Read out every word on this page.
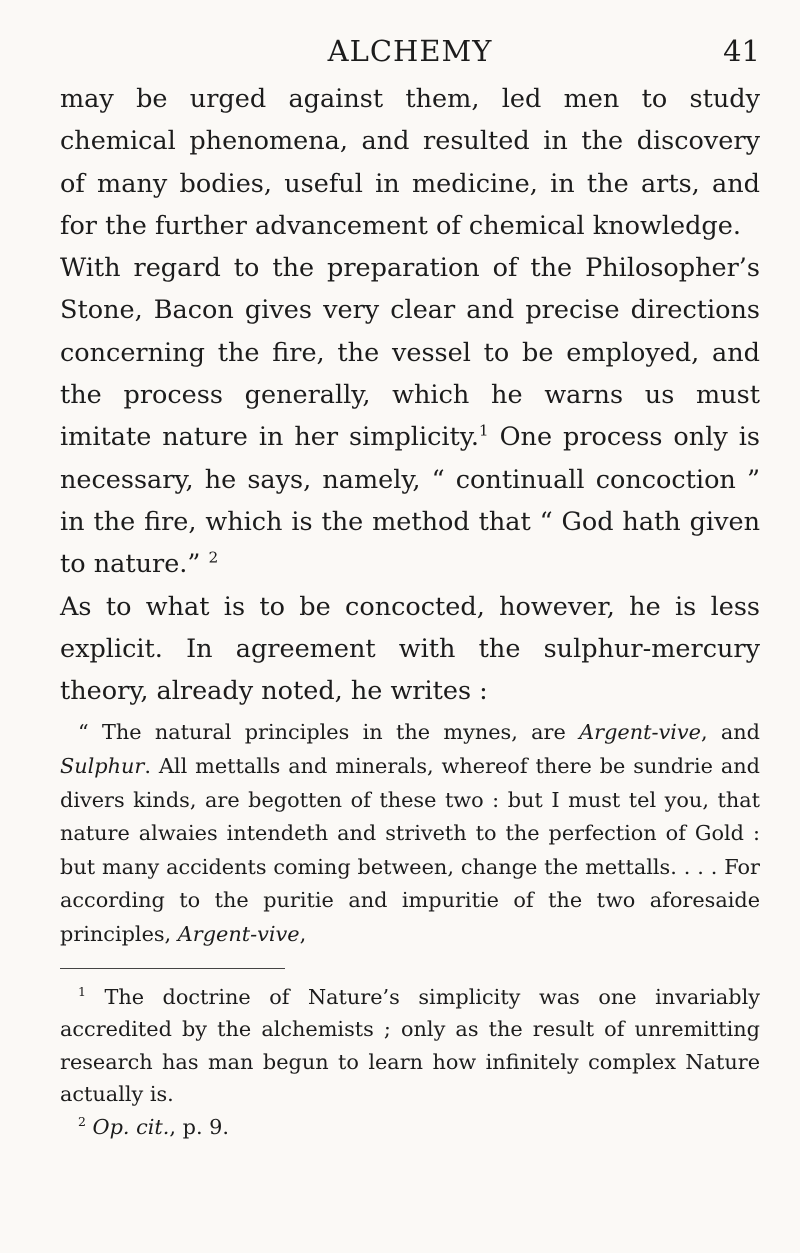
ALCHEMY	41

may be urged against them, led men to study chemical phenomena, and resulted in the discovery of many bodies, useful in medicine, in the arts, and for the further advancement of chemical knowledge.

With regard to the preparation of the Philosopher’s Stone, Bacon gives very clear and precise directions concerning the fire, the vessel to be employed, and the process generally, which he warns us must imitate nature in her simplicity.$^1$ One process only is necessary, he says, namely, “ continuall concoction ” in the fire, which is the method that “ God hath given to nature.” $^2$

As to what is to be concocted, however, he is less explicit. In agreement with the sulphur-mercury theory, already noted, he writes :

“ The natural principles in the mynes, are Argent-vive, and Sulphur. All mettalls and minerals, whereof there be sundrie and divers kinds, are begotten of these two : but I must tel you, that nature alwaies intendeth and striveth to the perfection of Gold : but many accidents coming between, change the mettalls. . . . For according to the puritie and impuritie of the two aforesaide principles, Argent-vive,

$^1$ The doctrine of Nature’s simplicity was one invariably accredited by the alchemists ; only as the result of unremitting research has man begun to learn how infinitely complex Nature actually is.

$^2$ Op. cit., p. 9.
